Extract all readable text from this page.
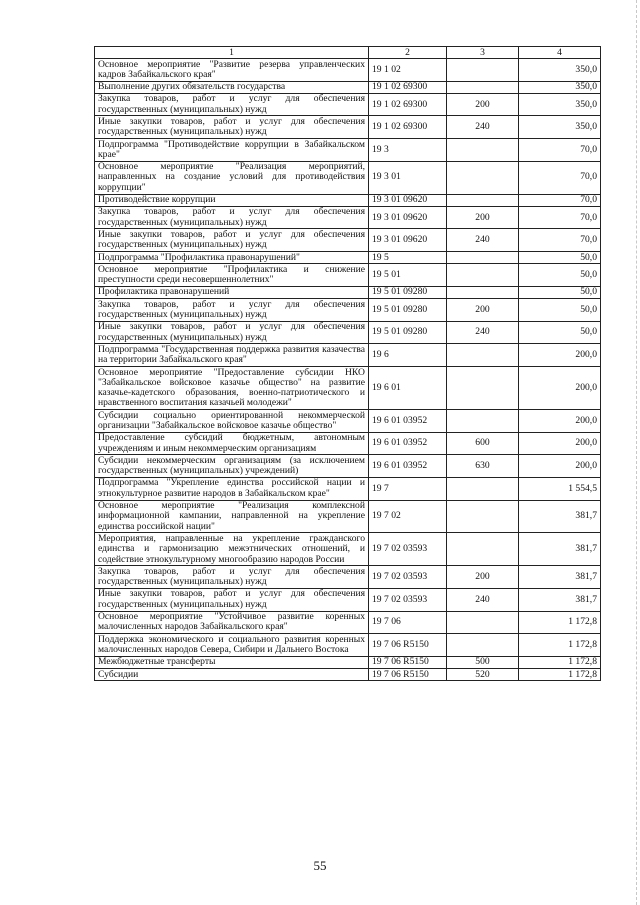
1	2	3	4
Основное мероприятие "Развитие резерва управленческих кадров Забайкальского края"	19 1 02		350,0
Выполнение других обязательств государства	19 1 02 69300		350,0
Закупка товаров, работ и услуг для обеспечения государственных (муниципальных) нужд	19 1 02 69300	200	350,0
Иные закупки товаров, работ и услуг для обеспечения государственных (муниципальных) нужд	19 1 02 69300	240	350,0
Подпрограмма "Противодействие коррупции в Забайкальском крае"	19 3		70,0
Основное мероприятие "Реализация мероприятий, направленных на создание условий для противодействия коррупции"	19 3 01		70,0
Противодействие коррупции	19 3 01 09620		70,0
Закупка товаров, работ и услуг для обеспечения государственных (муниципальных) нужд	19 3 01 09620	200	70,0
Иные закупки товаров, работ и услуг для обеспечения государственных (муниципальных) нужд	19 3 01 09620	240	70,0
Подпрограмма "Профилактика правонарушений"	19 5		50,0
Основное мероприятие "Профилактика и снижение преступности среди несовершеннолетних"	19 5 01		50,0
Профилактика правонарушений	19 5 01 09280		50,0
Закупка товаров, работ и услуг для обеспечения государственных (муниципальных) нужд	19 5 01 09280	200	50,0
Иные закупки товаров, работ и услуг для обеспечения государственных (муниципальных) нужд	19 5 01 09280	240	50,0
Подпрограмма "Государственная поддержка развития казачества на территории Забайкальского края"	19 6		200,0
Основное мероприятие "Предоставление субсидии НКО "Забайкальское войсковое казачье общество" на развитие казачье-кадетского образования, военно-патриотического и нравственного воспитания казачьей молодежи"	19 6 01		200,0
Субсидии социально ориентированной некоммерческой организации "Забайкальское войсковое казачье общество"	19 6 01 03952		200,0
Предоставление субсидий бюджетным, автономным учреждениям и иным некоммерческим организациям	19 6 01 03952	600	200,0
Субсидии некоммерческим организациям (за исключением государственных (муниципальных) учреждений)	19 6 01 03952	630	200,0
Подпрограмма "Укрепление единства российской нации и этнокультурное развитие народов в Забайкальском крае"	19 7		1 554,5
Основное мероприятие "Реализация комплексной информационной кампании, направленной на укрепление единства российской нации"	19 7 02		381,7
Мероприятия, направленные на укрепление гражданского единства и гармонизацию межэтнических отношений, и содействие этнокультурному многообразию народов России	19 7 02 03593		381,7
Закупка товаров, работ и услуг для обеспечения государственных (муниципальных) нужд	19 7 02 03593	200	381,7
Иные закупки товаров, работ и услуг для обеспечения государственных (муниципальных) нужд	19 7 02 03593	240	381,7
Основное мероприятие "Устойчивое развитие коренных малочисленных народов Забайкальского края"	19 7 06		1 172,8
Поддержка экономического и социального развития коренных малочисленных народов Севера, Сибири и Дальнего Востока	19 7 06 R5150		1 172,8
Межбюджетные трансферты	19 7 06 R5150	500	1 172,8
Субсидии	19 7 06 R5150	520	1 172,8
55
